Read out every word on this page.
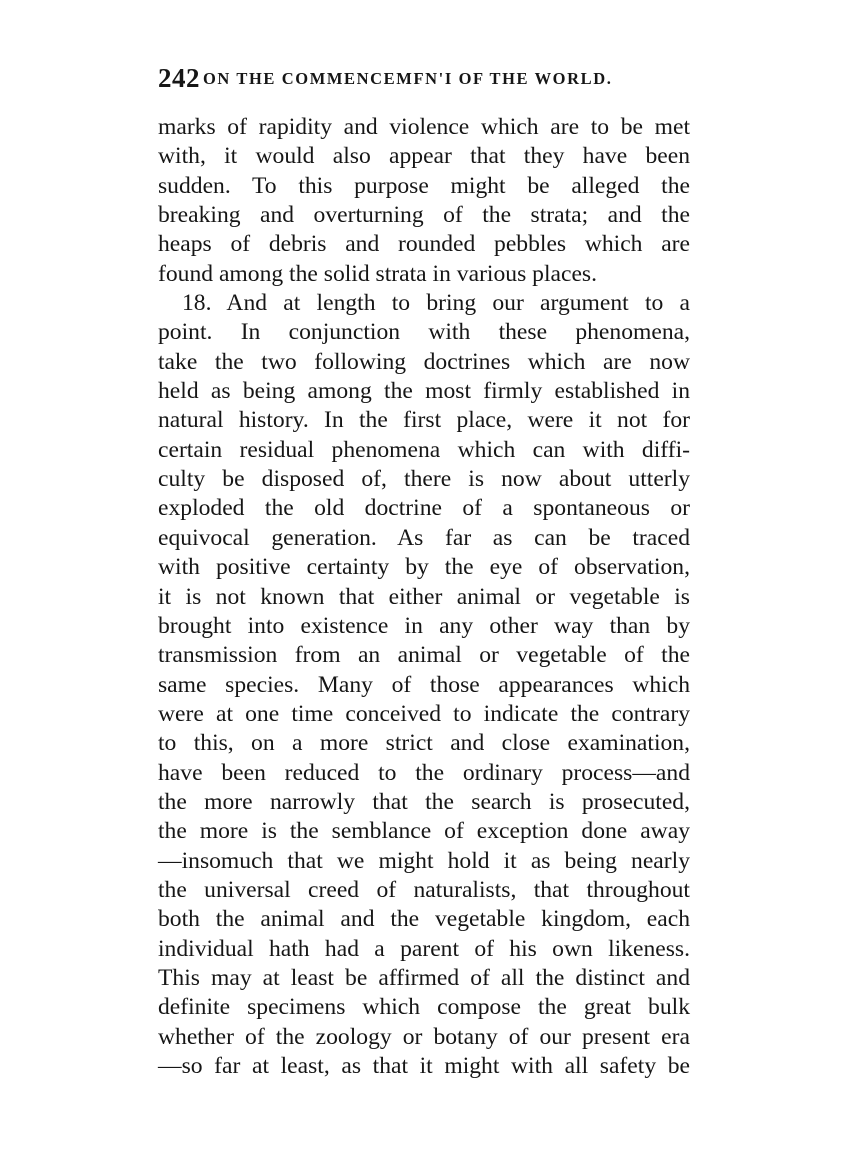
242 ON THE COMMENCEMFN'I OF THE WORLD.
marks of rapidity and violence which are to be met
with, it would also appear that they have been
sudden. To this purpose might be alleged the
breaking and overturning of the strata; and the
heaps of debris and rounded pebbles which are
found among the solid strata in various places.
18. And at length to bring our argument to a
point. In conjunction with these phenomena,
take the two following doctrines which are now
held as being among the most firmly established in
natural history. In the first place, were it not for
certain residual phenomena which can with diffi-
culty be disposed of, there is now about utterly
exploded the old doctrine of a spontaneous or
equivocal generation. As far as can be traced
with positive certainty by the eye of observation,
it is not known that either animal or vegetable is
brought into existence in any other way than by
transmission from an animal or vegetable of the
same species. Many of those appearances which
were at one time conceived to indicate the contrary
to this, on a more strict and close examination,
have been reduced to the ordinary process—and
the more narrowly that the search is prosecuted,
the more is the semblance of exception done away
—insomuch that we might hold it as being nearly
the universal creed of naturalists, that throughout
both the animal and the vegetable kingdom, each
individual hath had a parent of his own likeness.
This may at least be affirmed of all the distinct and
definite specimens which compose the great bulk
whether of the zoology or botany of our present era
—so far at least, as that it might with all safety be
